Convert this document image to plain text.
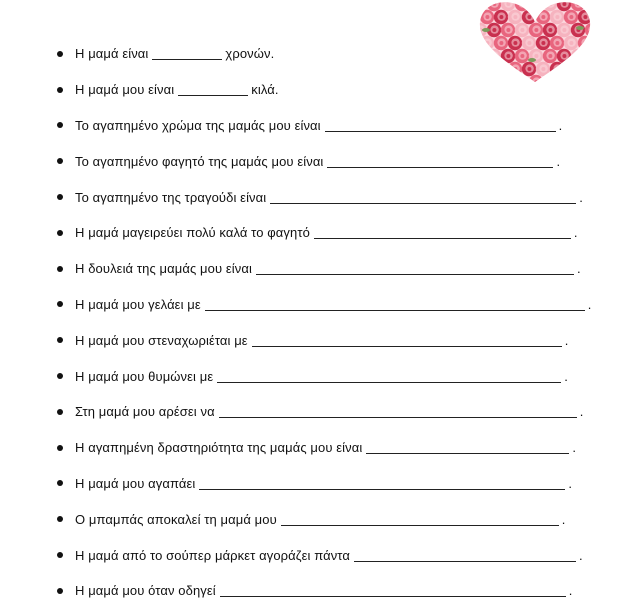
Η μαμά είναι	χρονών.
Η μαμά μου είναι	κιλά.
Το αγαπημένο χρώμα της μαμάς μου είναι	.
Το αγαπημένο φαγητό της μαμάς μου είναι	.
Το αγαπημένο της τραγούδι είναι	.
Η μαμά μαγειρεύει πολύ καλά το φαγητό	.
Η δουλειά της μαμάς μου είναι	.
Η μαμά μου γελάει με	.
Η μαμά μου στεναχωριέται με	.
Η μαμά μου θυμώνει με	.
Στη μαμά μου αρέσει να	.
Η αγαπημένη δραστηριότητα της μαμάς μου είναι	.
Η μαμά μου αγαπάει	.
Ο μπαμπάς αποκαλεί τη μαμά μου	.
Η μαμά από το σούπερ μάρκετ αγοράζει πάντα	.
Η μαμά μου όταν οδηγεί	.
